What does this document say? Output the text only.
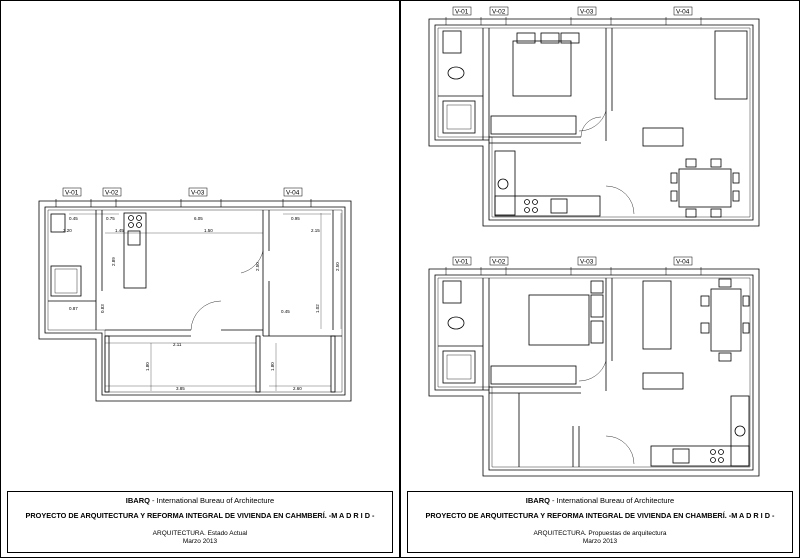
V-01	V-02	V-03	V-04
0.45	0.75	0.95
3.20	1.45
6.05
2.15
1.50
2.89
2.50	2.50
0.45
0.87	0.83	1.02
2.11
1.80	1.80
3.85	2.60
IBARQ - International Bureau of Architecture
PROYECTO DE ARQUITECTURA Y REFORMA INTEGRAL DE VIVIENDA EN CAHMBERÍ. -M A D R I D -
ARQUITECTURA. Estado Actual
Marzo 2013
V-01	V-02	V-03	V-04
V-01	V-02	V-03	V-04
IBARQ - International Bureau of Architecture
PROYECTO DE ARQUITECTURA Y REFORMA INTEGRAL DE VIVIENDA EN CHAMBERÍ. -M A D R I D -
ARQUITECTURA. Propuestas de arquitectura
Marzo 2013
